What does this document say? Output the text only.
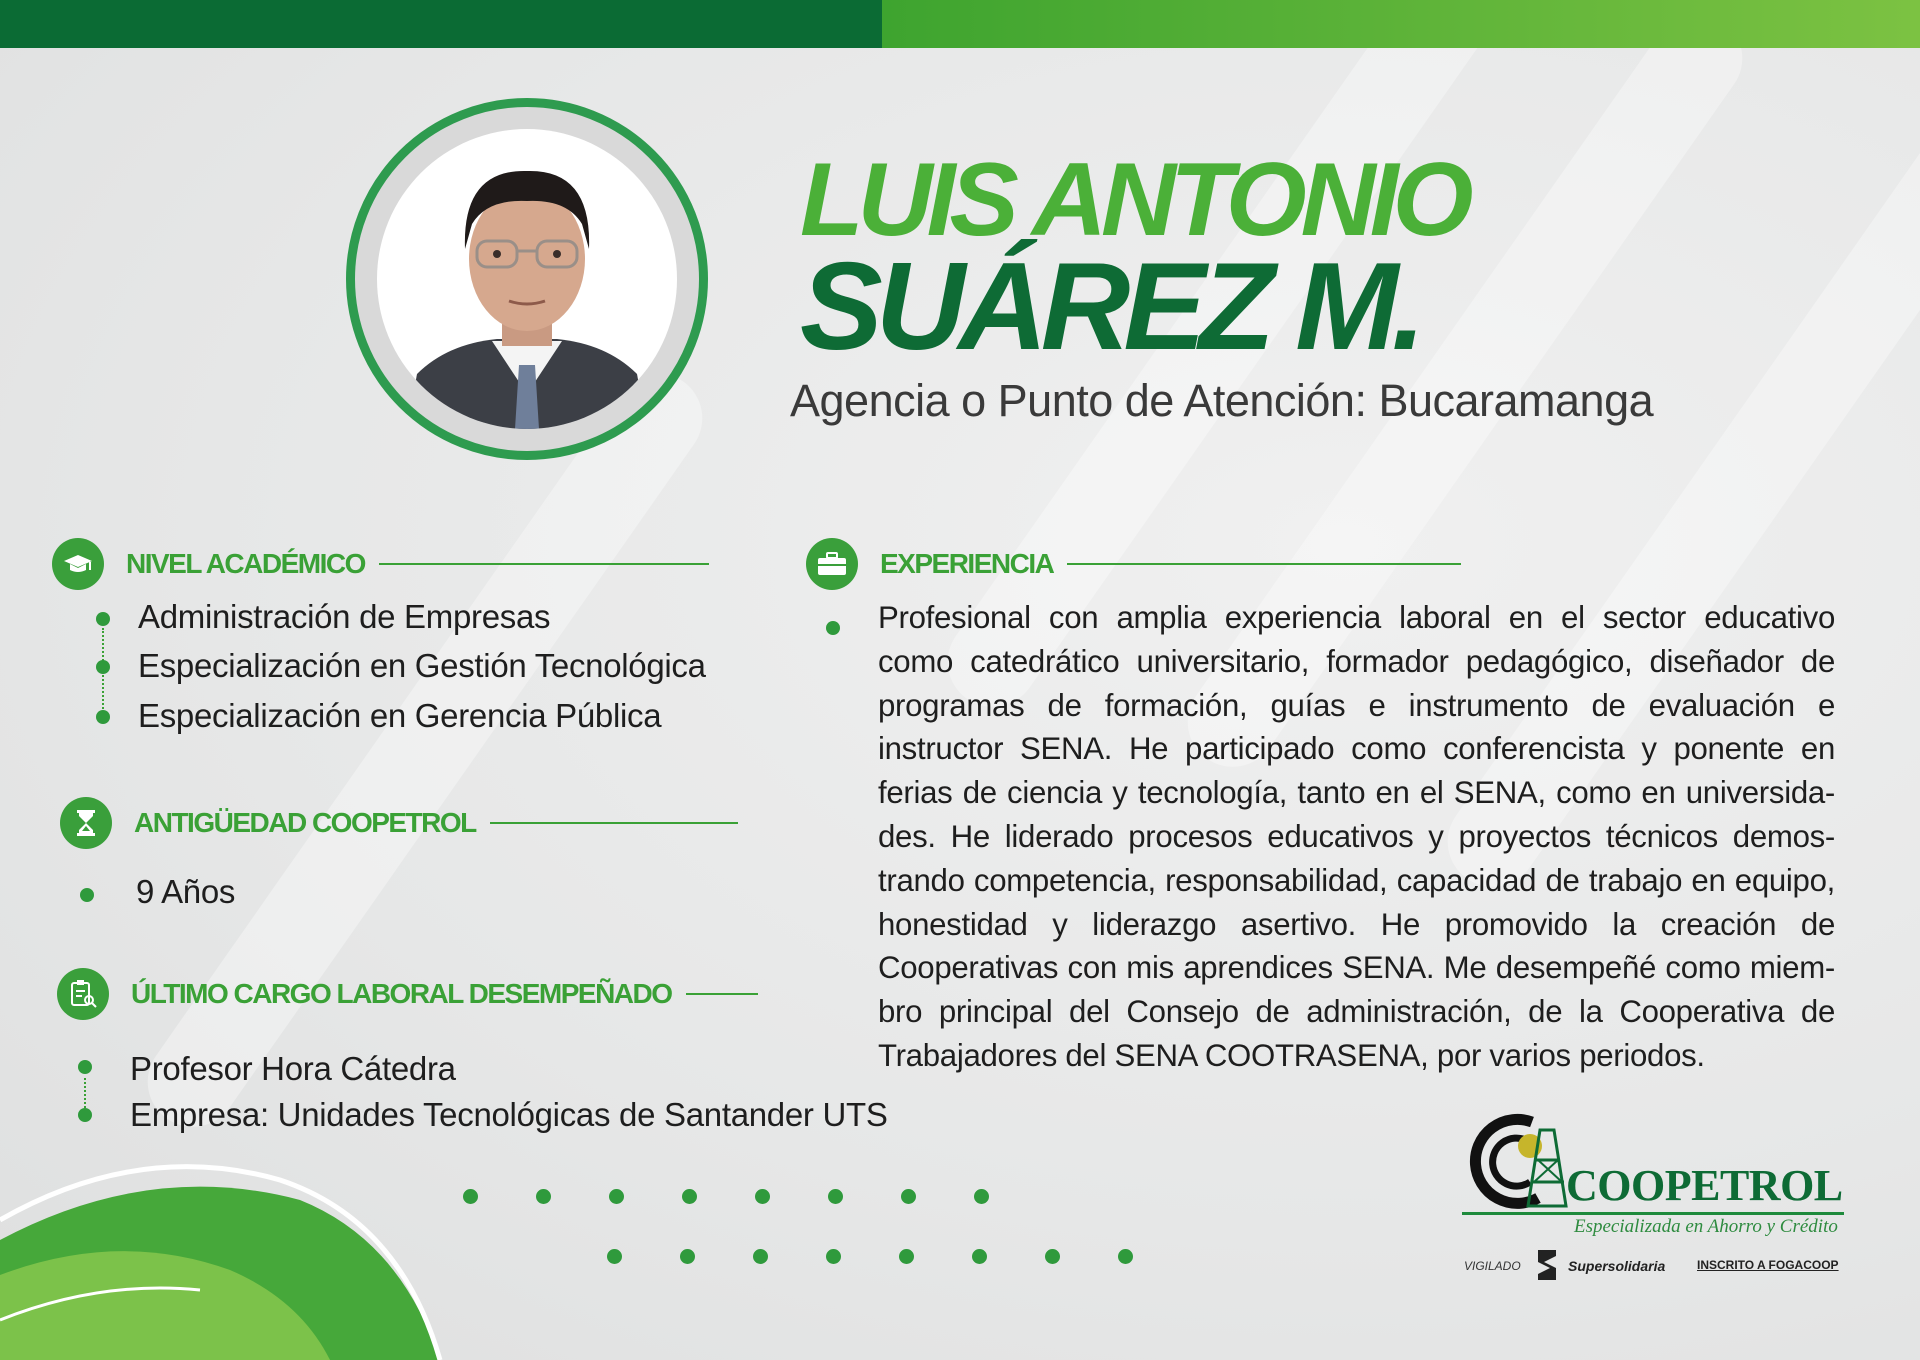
LUIS ANTONIO
SUÁREZ M.
Agencia o Punto de Atención: Bucaramanga
NIVEL ACADÉMICO
Administración de Empresas
Especialización en Gestión Tecnológica
Especialización en Gerencia Pública
ANTIGÜEDAD COOPETROL
9 Años
ÚLTIMO CARGO LABORAL DESEMPEÑADO
Profesor Hora Cátedra
Empresa: Unidades Tecnológicas de Santander UTS
EXPERIENCIA
Profesional con amplia experiencia laboral en el sector educativo como catedrático universitario, formador pedagógico, diseñador de programas de formación, guías e instrumento de evaluación e instructor SENA. He participado como conferencista y ponente en ferias de ciencia y tecnología, tanto en el SENA, como en universida- des. He liderado procesos educativos y proyectos técnicos demos- trando competencia, responsabilidad, capacidad de trabajo en equipo, honestidad y liderazgo asertivo. He promovido la creación de Cooperativas con mis aprendices SENA. Me desempeñé como miem- bro principal del Consejo de administración, de la Cooperativa de Trabajadores del SENA COOTRASENA, por varios periodos.
COOPETROL
Especializada en Ahorro y Crédito
VIGILADO	Supersolidaria	INSCRITO A FOGACOOP
